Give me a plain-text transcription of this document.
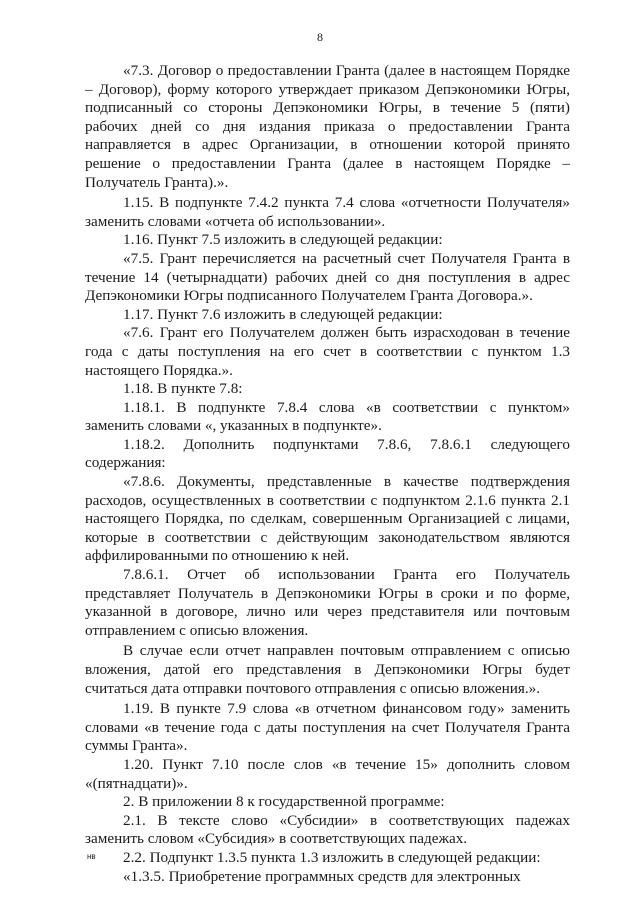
8

«7.3. Договор о предоставлении Гранта (далее в настоящем Порядке – Договор), форму которого утверждает приказом Депэкономики Югры, подписанный со стороны Депэкономики Югры, в течение 5 (пяти) рабочих дней со дня издания приказа о предоставлении Гранта направляется в адрес Организации, в отношении которой принято решение о предоставлении Гранта (далее в настоящем Порядке – Получатель Гранта).».

1.15. В подпункте 7.4.2 пункта 7.4 слова «отчетности Получателя» заменить словами «отчета об использовании».

1.16. Пункт 7.5 изложить в следующей редакции:

«7.5. Грант перечисляется на расчетный счет Получателя Гранта в течение 14 (четырнадцати) рабочих дней со дня поступления в адрес Депэкономики Югры подписанного Получателем Гранта Договора.».

1.17. Пункт 7.6 изложить в следующей редакции:

«7.6. Грант его Получателем должен быть израсходован в течение года с даты поступления на его счет в соответствии с пунктом 1.3 настоящего Порядка.».

1.18. В пункте 7.8:

1.18.1. В подпункте 7.8.4 слова «в соответствии с пунктом» заменить словами «, указанных в подпункте».

1.18.2. Дополнить подпунктами 7.8.6, 7.8.6.1 следующего содержания:

«7.8.6. Документы, представленные в качестве подтверждения расходов, осуществленных в соответствии с подпунктом 2.1.6 пункта 2.1 настоящего Порядка, по сделкам, совершенным Организацией с лицами, которые в соответствии с действующим законодательством являются аффилированными по отношению к ней.

7.8.6.1. Отчет об использовании Гранта его Получатель представляет Получатель в Депэкономики Югры в сроки и по форме, указанной в договоре, лично или через представителя или почтовым отправлением с описью вложения.

В случае если отчет направлен почтовым отправлением с описью вложения, датой его представления в Депэкономики Югры будет считаться дата отправки почтового отправления с описью вложения.».

1.19. В пункте 7.9 слова «в отчетном финансовом году» заменить словами «в течение года с даты поступления на счет Получателя Гранта суммы Гранта».

1.20. Пункт 7.10 после слов «в течение 15» дополнить словом «(пятнадцати)».

2. В приложении 8 к государственной программе:

2.1. В тексте слово «Субсидии» в соответствующих падежах заменить словом «Субсидия» в соответствующих падежах.

2.2. Подпункт 1.3.5 пункта 1.3 изложить в следующей редакции:

«1.3.5. Приобретение программных средств для электронных

нв
